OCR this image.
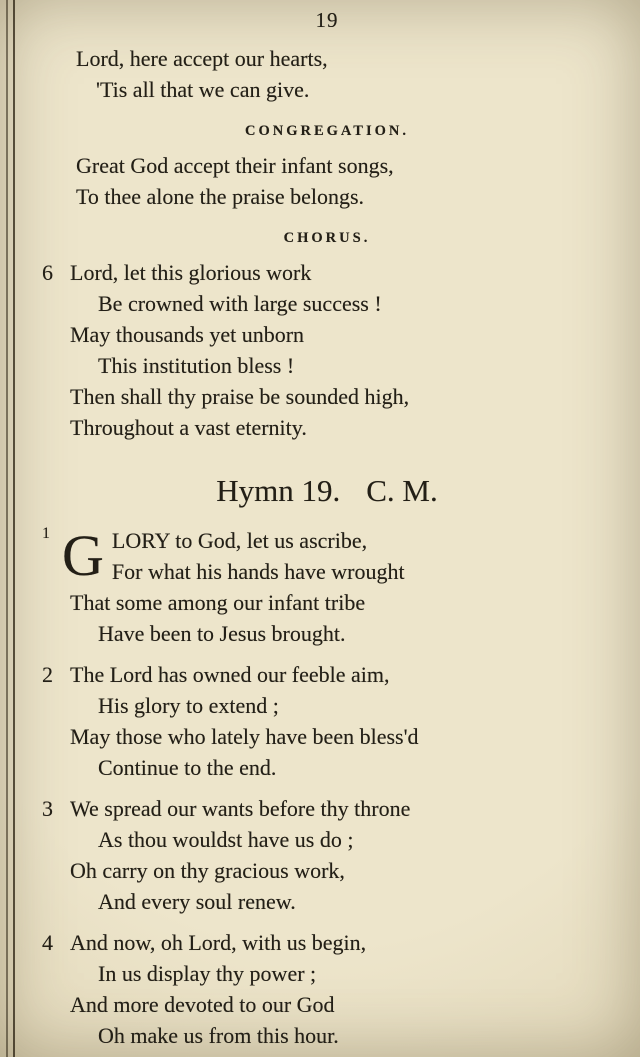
19
Lord, here accept our hearts,
'Tis all that we can give.
CONGREGATION.
Great God accept their infant songs,
To thee alone the praise belongs.
CHORUS.
6 Lord, let this glorious work
Be crowned with large success !
May thousands yet unborn
This institution bless !
Then shall thy praise be sounded high,
Throughout a vast eternity.
Hymn 19. C. M.
1 G LORY to God, let us ascribe,
For what his hands have wrought
That some among our infant tribe
Have been to Jesus brought.
2 The Lord has owned our feeble aim,
His glory to extend ;
May those who lately have been bless'd
Continue to the end.
3 We spread our wants before thy throne
As thou wouldst have us do ;
Oh carry on thy gracious work,
And every soul renew.
4 And now, oh Lord, with us begin,
In us display thy power ;
And more devoted to our God
Oh make us from this hour.
